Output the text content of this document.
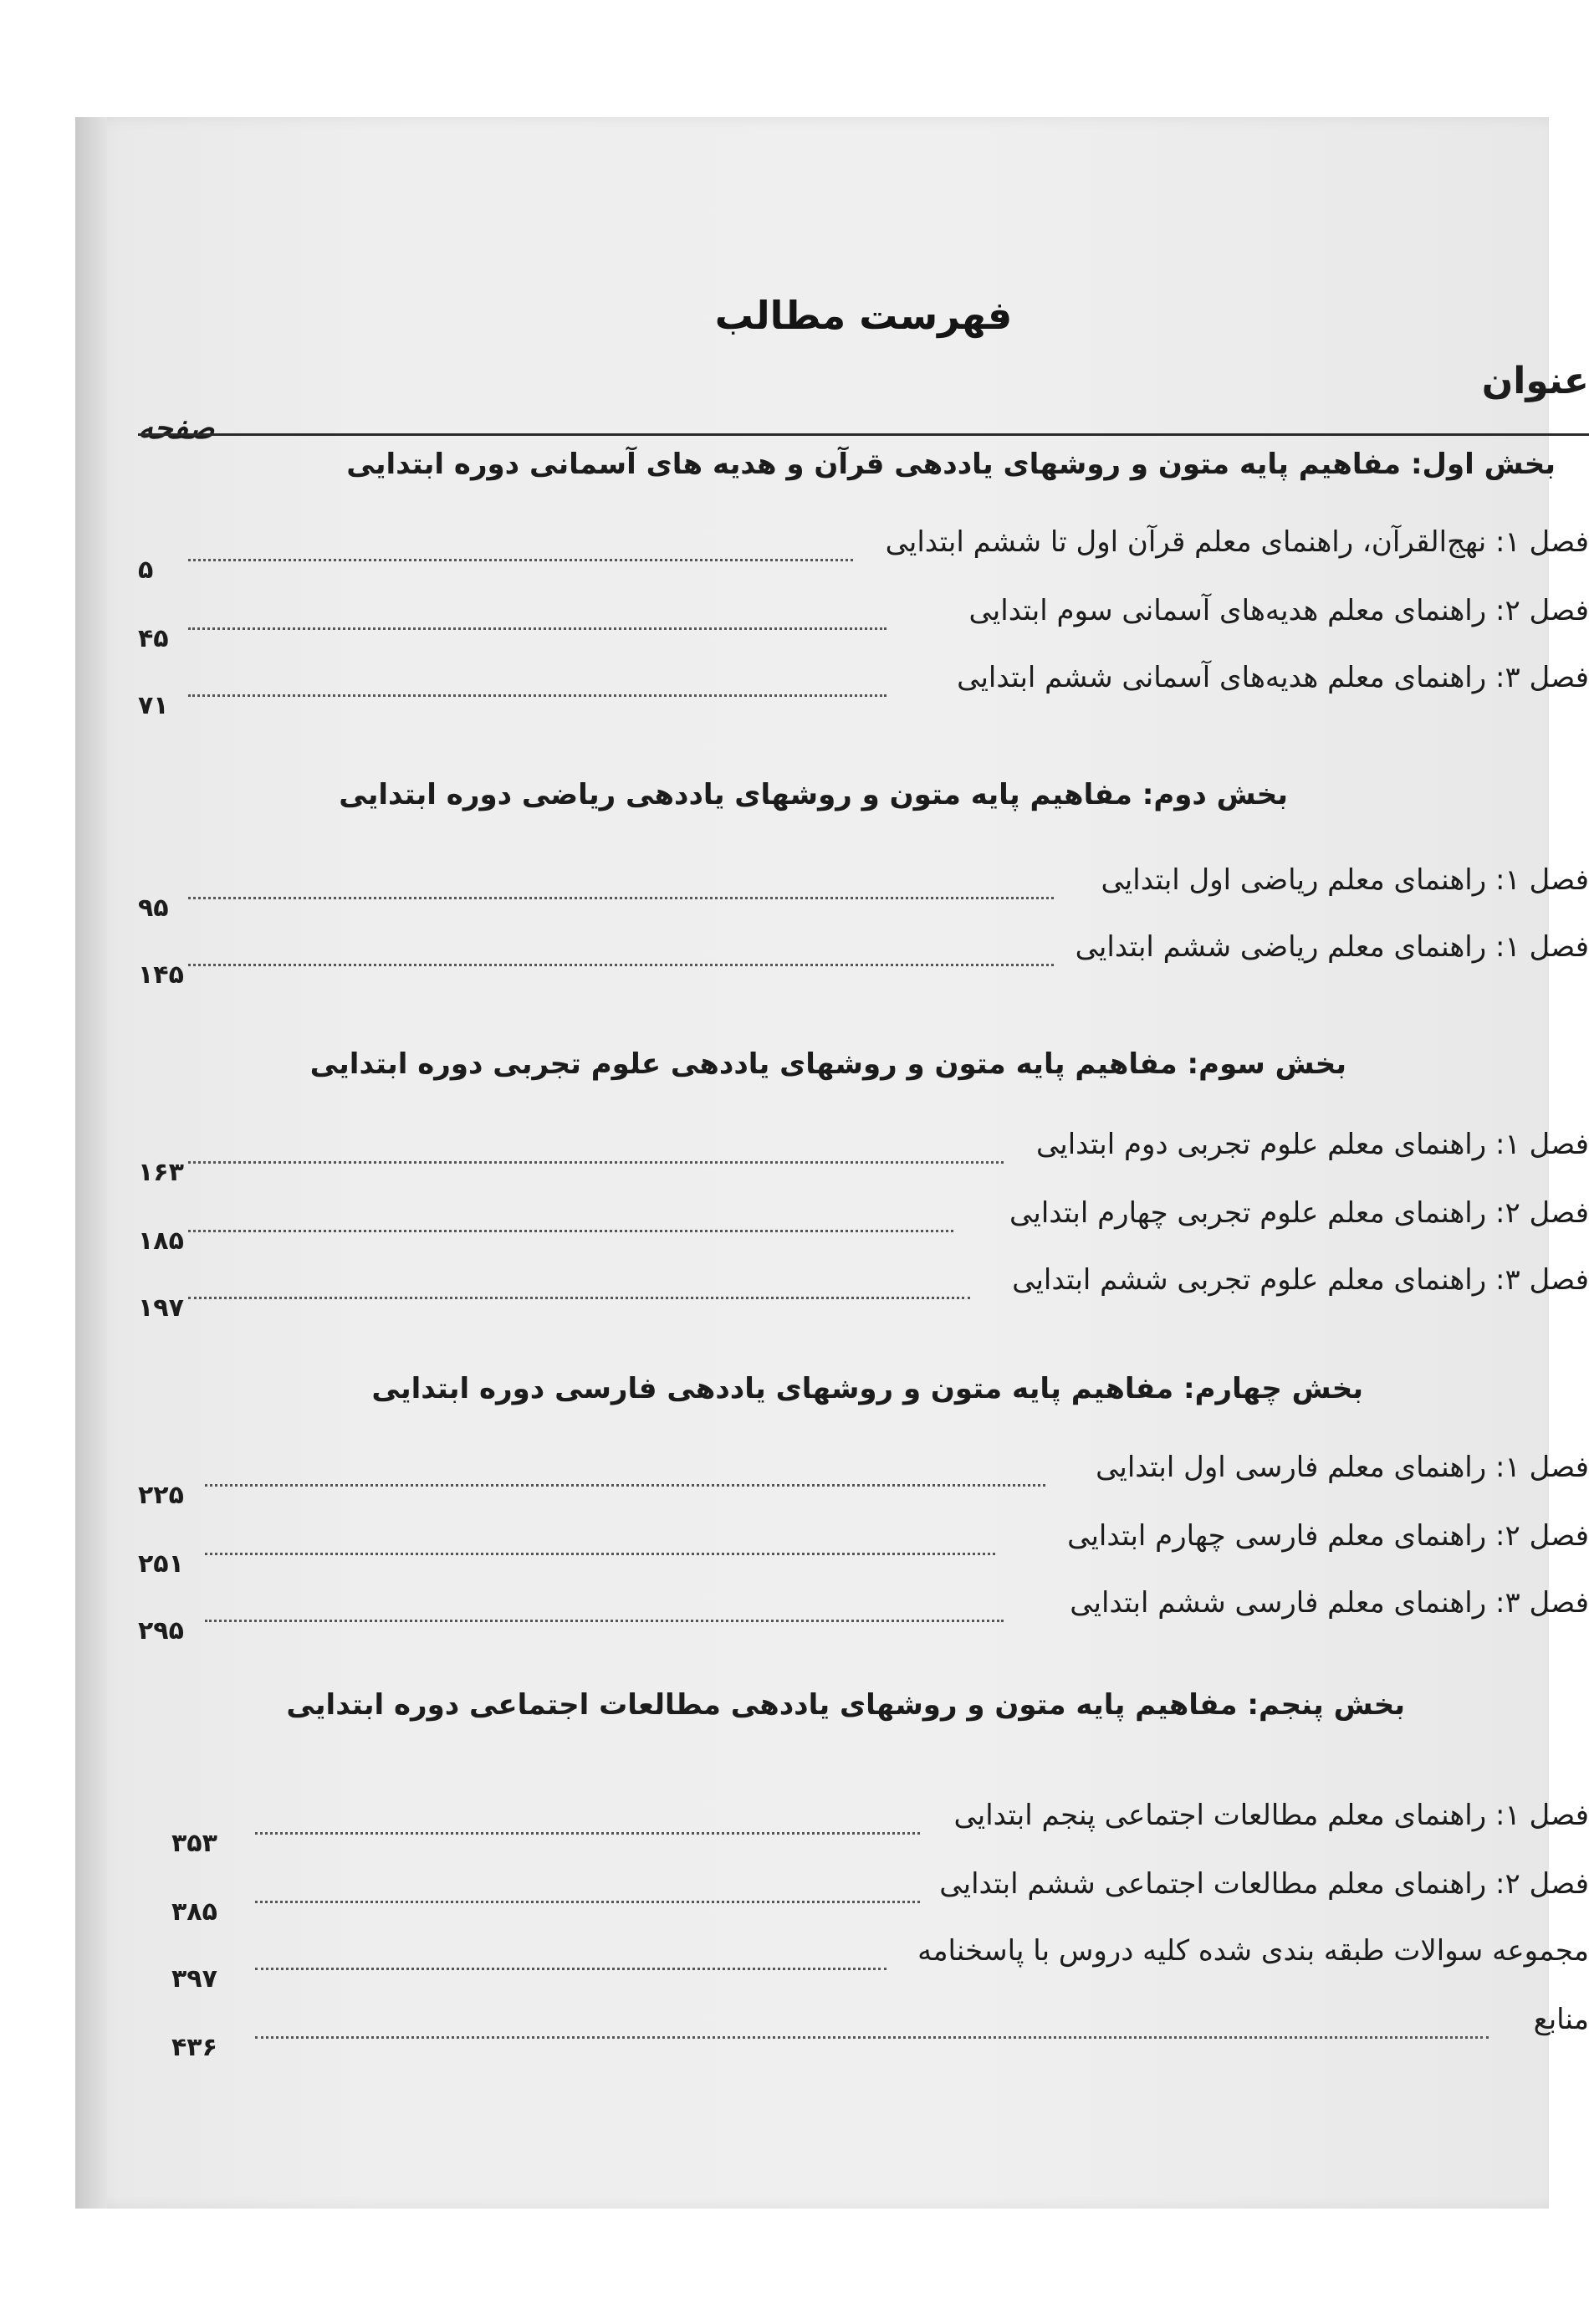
فهرست مطالب
عنوان
صفحه
بخش اول: مفاهیم پایه متون و روشهای یاددهی قرآن و هدیه های آسمانی دوره ابتدایی
فصل ۱: نهج‌القرآن، راهنمای معلم قرآن اول تا ششم ابتدایی
۵
فصل ۲: راهنمای معلم هدیه‌های آسمانی سوم ابتدایی
۴۵
فصل ۳: راهنمای معلم هدیه‌های آسمانی ششم ابتدایی
۷۱
بخش دوم: مفاهیم پایه متون و روشهای یاددهی ریاضی دوره ابتدایی
فصل ۱: راهنمای معلم ریاضی اول ابتدایی
۹۵
فصل ۱: راهنمای معلم ریاضی ششم ابتدایی
۱۴۵
بخش سوم: مفاهیم پایه متون و روشهای یاددهی علوم تجربی دوره ابتدایی
فصل ۱: راهنمای معلم علوم تجربی دوم ابتدایی
۱۶۳
فصل ۲: راهنمای معلم علوم تجربی چهارم ابتدایی
۱۸۵
فصل ۳: راهنمای معلم علوم تجربی ششم ابتدایی
۱۹۷
بخش چهارم: مفاهیم پایه متون و روشهای یاددهی فارسی دوره ابتدایی
فصل ۱: راهنمای معلم فارسی اول ابتدایی
۲۲۵
فصل ۲: راهنمای معلم فارسی چهارم ابتدایی
۲۵۱
فصل ۳: راهنمای معلم فارسی ششم ابتدایی
۲۹۵
بخش پنجم: مفاهیم پایه متون و روشهای یاددهی مطالعات اجتماعی دوره ابتدایی
فصل ۱: راهنمای معلم مطالعات اجتماعی پنجم ابتدایی
۳۵۳
فصل ۲: راهنمای معلم مطالعات اجتماعی ششم ابتدایی
۳۸۵
مجموعه سوالات طبقه بندی شده کلیه دروس با پاسخنامه
۳۹۷
منابع
۴۳۶
